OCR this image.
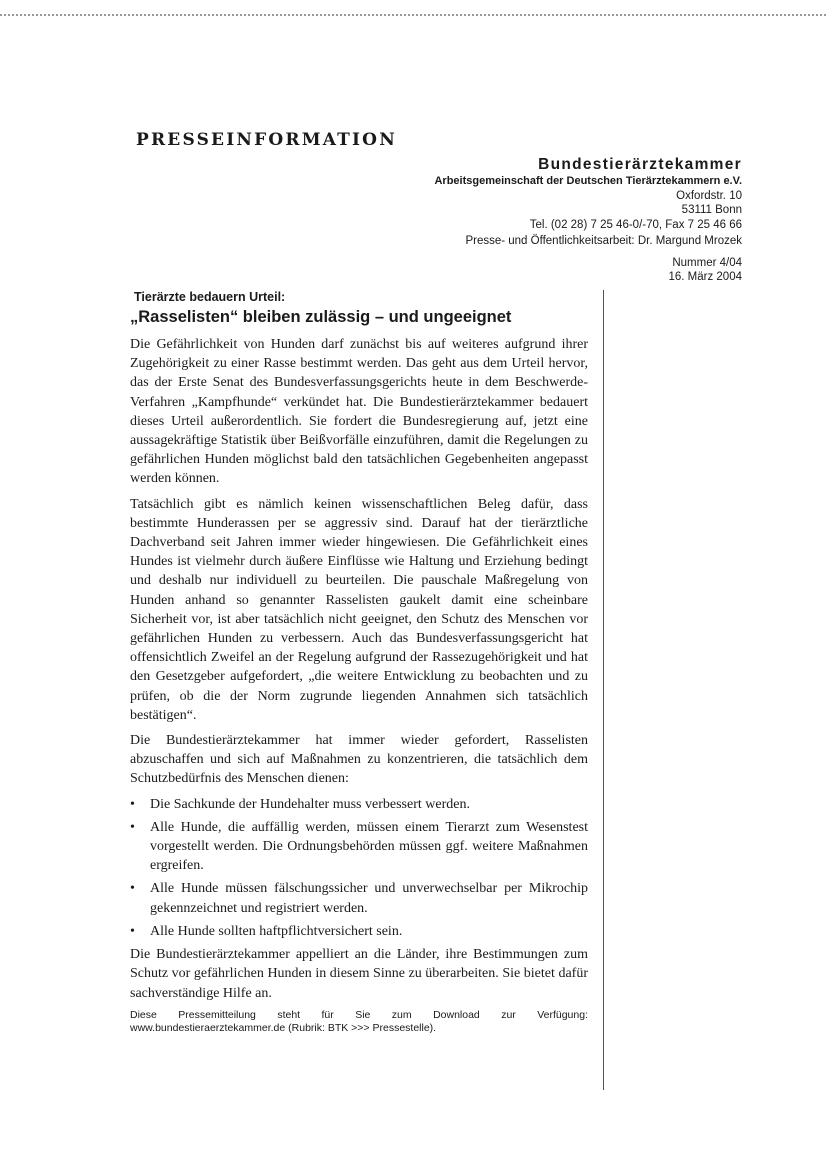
PRESSEINFORMATION
Bundestierärztekammer
Arbeitsgemeinschaft der Deutschen Tierärztekammern e.V.
Oxfordstr. 10
53111 Bonn
Tel. (02 28) 7 25 46-0/-70, Fax 7 25 46 66
Presse- und Öffentlichkeitsarbeit: Dr. Margund Mrozek
Nummer 4/04
16. März 2004
Tierärzte bedauern Urteil:
„Rasselisten“ bleiben zulässig – und ungeeignet

Die Gefährlichkeit von Hunden darf zunächst bis auf weiteres aufgrund ihrer Zugehörigkeit zu einer Rasse bestimmt werden. Das geht aus dem Urteil hervor, das der Erste Senat des Bundesverfassungsgerichts heute in dem Beschwerde-Verfahren „Kampfhunde“ verkündet hat. Die Bundestierärztekammer bedauert dieses Urteil außerordentlich. Sie fordert die Bundesregierung auf, jetzt eine aussagekräftige Statistik über Beißvorfälle einzuführen, damit die Regelungen zu gefährlichen Hunden möglichst bald den tatsächlichen Gegebenheiten angepasst werden können.

Tatsächlich gibt es nämlich keinen wissenschaftlichen Beleg dafür, dass bestimmte Hunderassen per se aggressiv sind. Darauf hat der tierärztliche Dachverband seit Jahren immer wieder hingewiesen. Die Gefährlichkeit eines Hundes ist vielmehr durch äußere Einflüsse wie Haltung und Erziehung bedingt und deshalb nur individuell zu beurteilen. Die pauschale Maßregelung von Hunden anhand so genannter Rasselisten gaukelt damit eine scheinbare Sicherheit vor, ist aber tatsächlich nicht geeignet, den Schutz des Menschen vor gefährlichen Hunden zu verbessern. Auch das Bundesverfassungsgericht hat offensichtlich Zweifel an der Regelung aufgrund der Rassezugehörigkeit und hat den Gesetzgeber aufgefordert, „die weitere Entwicklung zu beobachten und zu prüfen, ob die der Norm zugrunde liegenden Annahmen sich tatsächlich bestätigen“.

Die Bundestierärztekammer hat immer wieder gefordert, Rasselisten abzuschaffen und sich auf Maßnahmen zu konzentrieren, die tatsächlich dem Schutzbedürfnis des Menschen dienen:

• Die Sachkunde der Hundehalter muss verbessert werden.
• Alle Hunde, die auffällig werden, müssen einem Tierarzt zum Wesenstest vorgestellt werden. Die Ordnungsbehörden müssen ggf. weitere Maßnahmen ergreifen.
• Alle Hunde müssen fälschungssicher und unverwechselbar per Mikrochip gekennzeichnet und registriert werden.
• Alle Hunde sollten haftpflichtversichert sein.

Die Bundestierärztekammer appelliert an die Länder, ihre Bestimmungen zum Schutz vor gefährlichen Hunden in diesem Sinne zu überarbeiten. Sie bietet dafür sachverständige Hilfe an.

Diese Pressemitteilung steht für Sie zum Download zur Verfügung: www.bundestieraerztekammer.de (Rubrik: BTK >>> Pressestelle).
